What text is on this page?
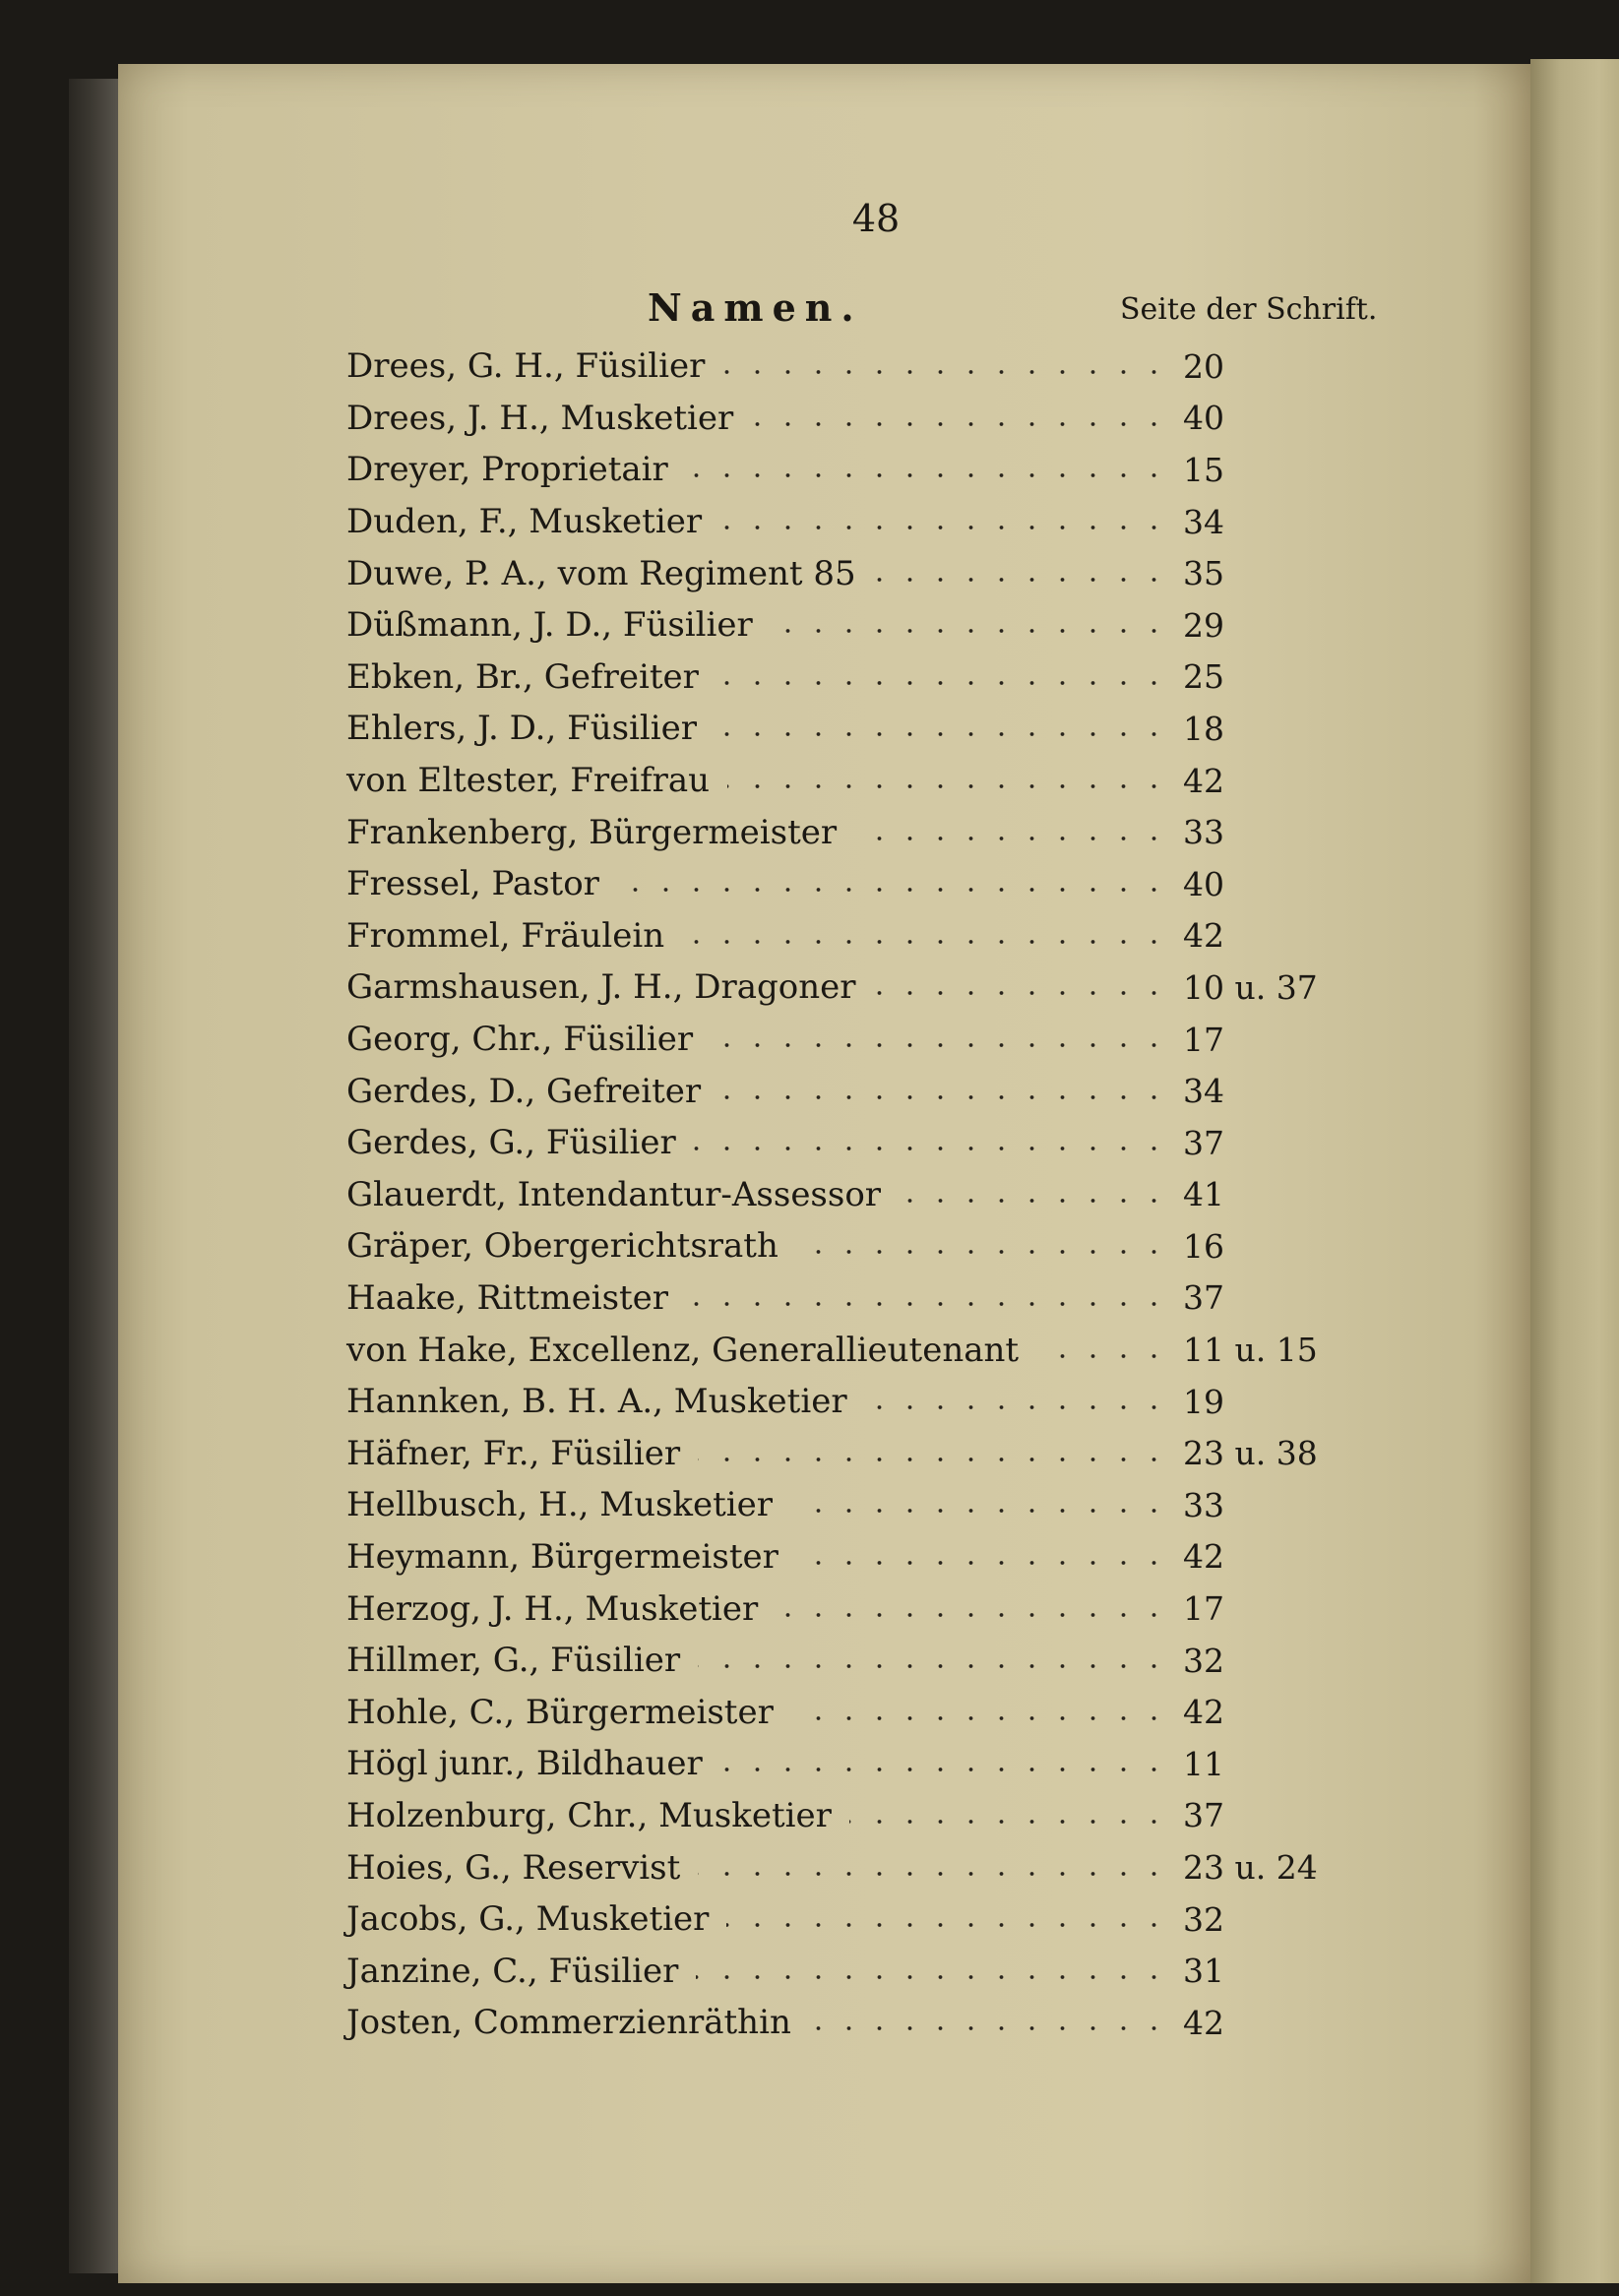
48
Namen.	Seite der Schrift.
Drees, G. H., Füsilier	20
Drees, J. H., Musketier	40
Dreyer, Proprietair	15
Duden, F., Musketier	34
Duwe, P. A., vom Regiment 85	35
Düßmann, J. D., Füsilier	29
Ebken, Br., Gefreiter	25
Ehlers, J. D., Füsilier	18
von Eltester, Freifrau	42
Frankenberg, Bürgermeister	33
Fressel, Pastor	40
Frommel, Fräulein	42
Garmshausen, J. H., Dragoner	10 u. 37
Georg, Chr., Füsilier	17
Gerdes, D., Gefreiter	34
Gerdes, G., Füsilier	37
Glauerdt, Intendantur-Assessor	41
Gräper, Obergerichtsrath	16
Haake, Rittmeister	37
von Hake, Excellenz, Generallieutenant	11 u. 15
Hannken, B. H. A., Musketier	19
Häfner, Fr., Füsilier	23 u. 38
Hellbusch, H., Musketier	33
Heymann, Bürgermeister	42
Herzog, J. H., Musketier	17
Hillmer, G., Füsilier	32
Hohle, C., Bürgermeister	42
Högl junr., Bildhauer	11
Holzenburg, Chr., Musketier	37
Hoies, G., Reservist	23 u. 24
Jacobs, G., Musketier	32
Janzine, C., Füsilier	31
Josten, Commerzienräthin	42
